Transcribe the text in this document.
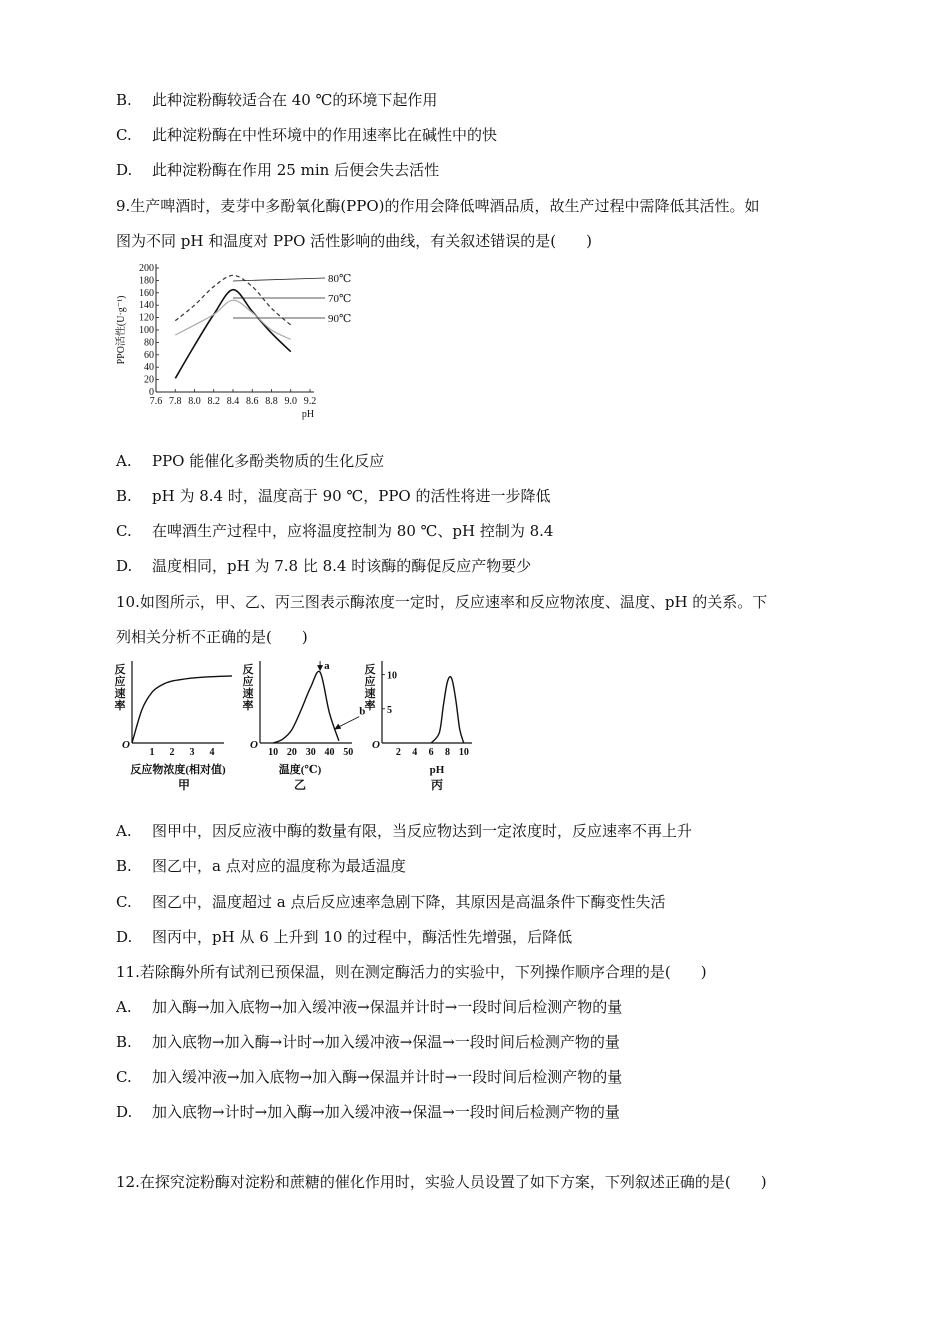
B. 此种淀粉酶较适合在 40 ℃的环境下起作用
C. 此种淀粉酶在中性环境中的作用速率比在碱性中的快
D. 此种淀粉酶在作用 25 min 后便会失去活性
9.生产啤酒时，麦芽中多酚氧化酶(PPO)的作用会降低啤酒品质，故生产过程中需降低其活性。如
图为不同 pH 和温度对 PPO 活性影响的曲线，有关叙述错误的是(　　)
0
20
40
60
80
100
120
140
160
180
200
7.6 7.8 8.0 8.2 8.4 8.6 8.8 9.0 9.2
pH
PPO活性(U·g⁻¹)
80℃
70℃
90℃
A. PPO 能催化多酚类物质的生化反应
B. pH 为 8.4 时，温度高于 90 ℃，PPO 的活性将进一步降低
C. 在啤酒生产过程中，应将温度控制为 80 ℃、pH 控制为 8.4
D. 温度相同，pH 为 7.8 比 8.4 时该酶的酶促反应产物要少
10.如图所示，甲、乙、丙三图表示酶浓度一定时，反应速率和反应物浓度、温度、pH 的关系。下
列相关分析不正确的是(　　)
反
应
速
率
O
1 2 3 4
反应物浓度(相对值)
甲
反
应
速
率
O
10 20 30 40 50
温度(℃)
乙
a
b
反
应
速
率
O
2 4 6 8 10
5
10
pH
丙
A. 图甲中，因反应液中酶的数量有限，当反应物达到一定浓度时，反应速率不再上升
B. 图乙中，a 点对应的温度称为最适温度
C. 图乙中，温度超过 a 点后反应速率急剧下降，其原因是高温条件下酶变性失活
D. 图丙中，pH 从 6 上升到 10 的过程中，酶活性先增强，后降低
11.若除酶外所有试剂已预保温，则在测定酶活力的实验中，下列操作顺序合理的是(　　)
A. 加入酶→加入底物→加入缓冲液→保温并计时→一段时间后检测产物的量
B. 加入底物→加入酶→计时→加入缓冲液→保温→一段时间后检测产物的量
C. 加入缓冲液→加入底物→加入酶→保温并计时→一段时间后检测产物的量
D. 加入底物→计时→加入酶→加入缓冲液→保温→一段时间后检测产物的量
12.在探究淀粉酶对淀粉和蔗糖的催化作用时，实验人员设置了如下方案，下列叙述正确的是(　　)
